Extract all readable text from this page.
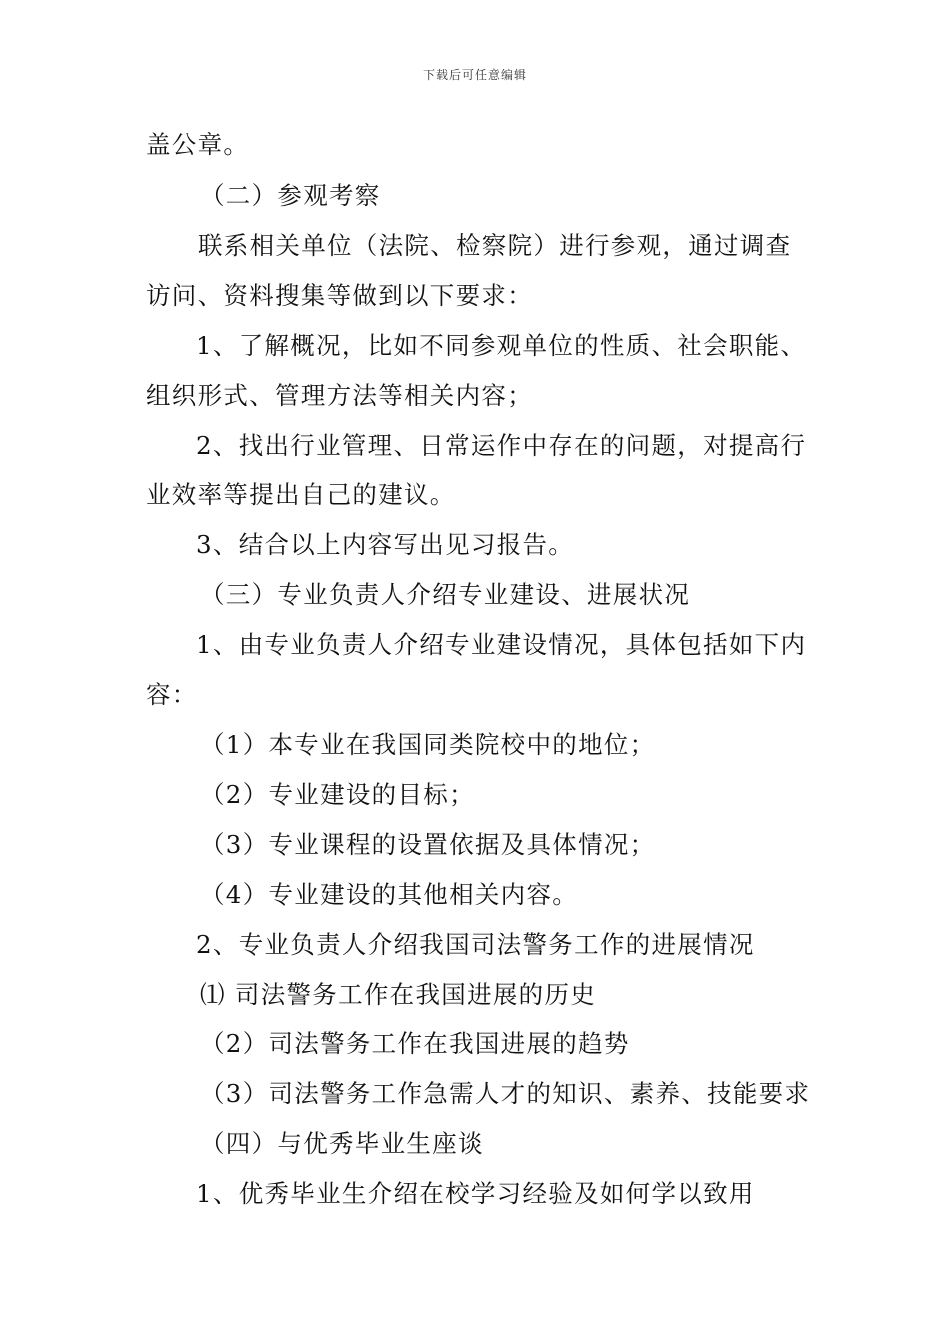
下载后可任意编辑
盖公章。
（二）参观考察
联系相关单位（法院、检察院）进行参观，通过调查
访问、资料搜集等做到以下要求：
1、了解概况，比如不同参观单位的性质、社会职能、
组织形式、管理方法等相关内容；
2、找出行业管理、日常运作中存在的问题，对提高行
业效率等提出自己的建议。
3、结合以上内容写出见习报告。
（三）专业负责人介绍专业建设、进展状况
1、由专业负责人介绍专业建设情况，具体包括如下内
容：
（1）本专业在我国同类院校中的地位；
（2）专业建设的目标；
（3）专业课程的设置依据及具体情况；
（4）专业建设的其他相关内容。
2、专业负责人介绍我国司法警务工作的进展情况
⑴ 司法警务工作在我国进展的历史
（2）司法警务工作在我国进展的趋势
（3）司法警务工作急需人才的知识、素养、技能要求
（四）与优秀毕业生座谈
1、优秀毕业生介绍在校学习经验及如何学以致用
